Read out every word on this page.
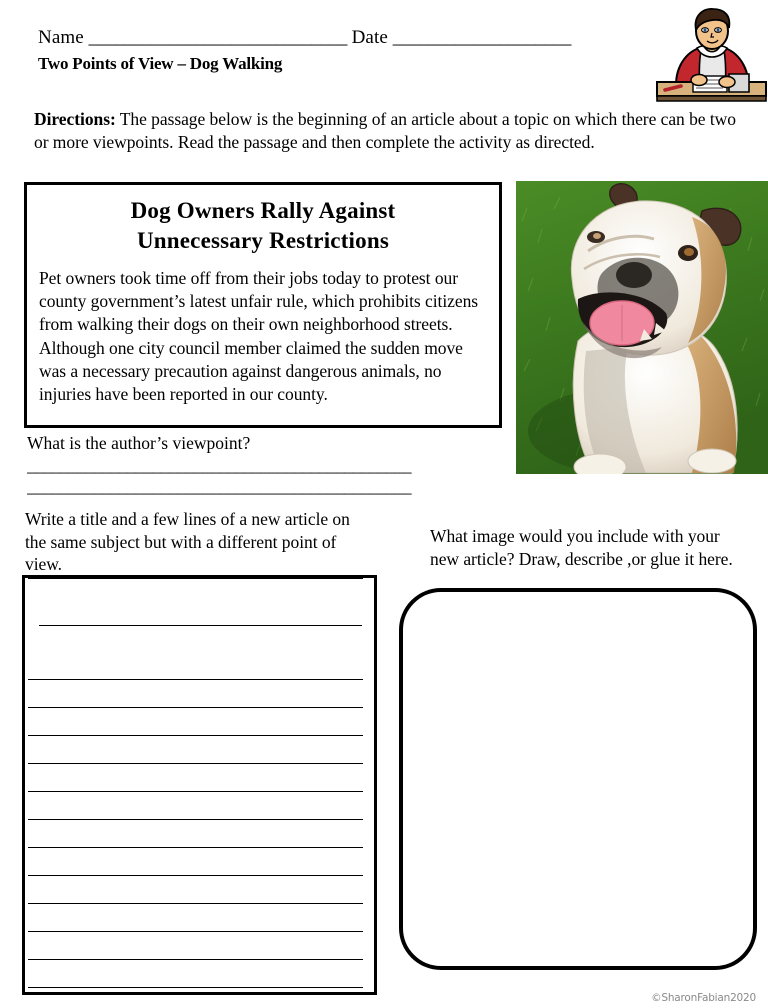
Name _____________________________ Date ____________________
Two Points of View – Dog Walking
Directions: The passage below is the beginning of an article about a topic on which there can be two or more viewpoints. Read the passage and then complete the activity as directed.
Dog Owners Rally Against
Unnecessary Restrictions
Pet owners took time off from their jobs today to protest our county government’s latest unfair rule, which prohibits citizens from walking their dogs on their own neighborhood streets. Although one city council member claimed the sudden move was a necessary precaution against dangerous animals, no injuries have been reported in our county.
What is the author’s viewpoint?
______________________________________________
______________________________________________
Write a title and a few lines of a new article on the same subject but with a different point of view.
What image would you include with your new article? Draw, describe ,or glue it here.
©SharonFabian2020
